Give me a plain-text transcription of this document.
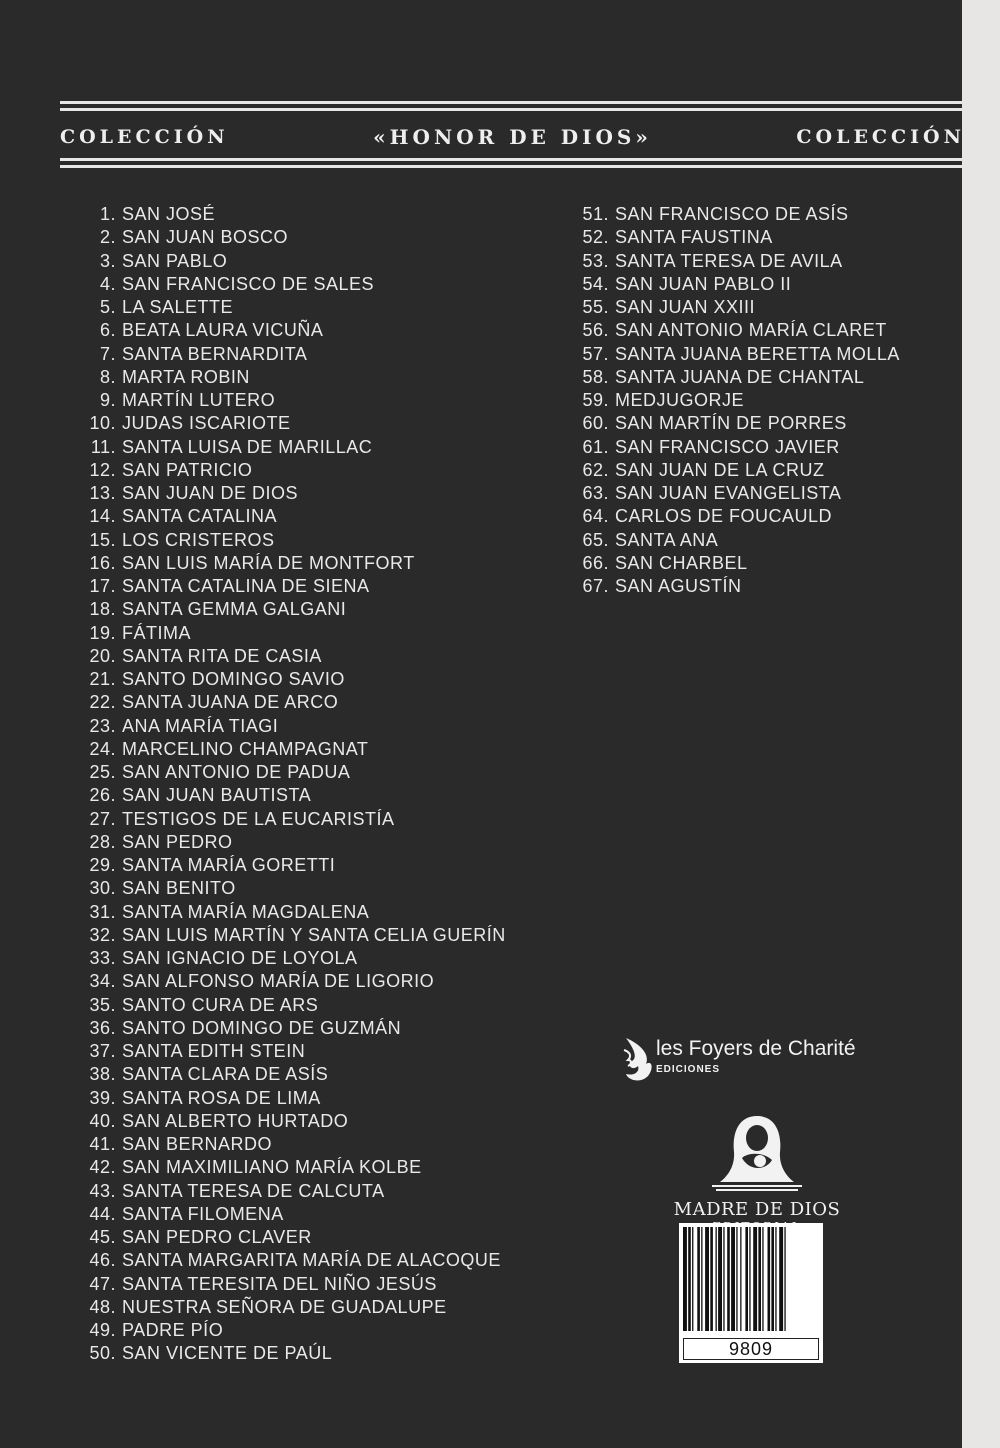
COLECCIÓN	«HONOR DE DIOS»	COLECCIÓN
1. SAN JOSÉ
2. SAN JUAN BOSCO
3. SAN PABLO
4. SAN FRANCISCO DE SALES
5. LA SALETTE
6. BEATA LAURA VICUÑA
7. SANTA BERNARDITA
8. MARTA ROBIN
9. MARTÍN LUTERO
10. JUDAS ISCARIOTE
11. SANTA LUISA DE MARILLAC
12. SAN PATRICIO
13. SAN JUAN DE DIOS
14. SANTA CATALINA
15. LOS CRISTEROS
16. SAN LUIS MARÍA DE MONTFORT
17. SANTA CATALINA DE SIENA
18. SANTA GEMMA GALGANI
19. FÁTIMA
20. SANTA RITA DE CASIA
21. SANTO DOMINGO SAVIO
22. SANTA JUANA DE ARCO
23. ANA MARÍA TIAGI
24. MARCELINO CHAMPAGNAT
25. SAN ANTONIO DE PADUA
26. SAN JUAN BAUTISTA
27. TESTIGOS DE LA EUCARISTÍA
28. SAN PEDRO
29. SANTA MARÍA GORETTI
30. SAN BENITO
31. SANTA MARÍA MAGDALENA
32. SAN LUIS MARTÍN Y SANTA CELIA GUERÍN
33. SAN IGNACIO DE LOYOLA
34. SAN ALFONSO MARÍA DE LIGORIO
35. SANTO CURA DE ARS
36. SANTO DOMINGO DE GUZMÁN
37. SANTA EDITH STEIN
38. SANTA CLARA DE ASÍS
39. SANTA ROSA DE LIMA
40. SAN ALBERTO HURTADO
41. SAN BERNARDO
42. SAN MAXIMILIANO MARÍA KOLBE
43. SANTA TERESA DE CALCUTA
44. SANTA FILOMENA
45. SAN PEDRO CLAVER
46. SANTA MARGARITA MARÍA DE ALACOQUE
47. SANTA TERESITA DEL NIÑO JESÚS
48. NUESTRA SEÑORA DE GUADALUPE
49. PADRE PÍO
50. SAN VICENTE DE PAÚL
51. SAN FRANCISCO DE ASÍS
52. SANTA FAUSTINA
53. SANTA TERESA DE AVILA
54. SAN JUAN PABLO II
55. SAN JUAN XXIII
56. SAN ANTONIO MARÍA CLARET
57. SANTA JUANA BERETTA MOLLA
58. SANTA JUANA DE CHANTAL
59. MEDJUGORJE
60. SAN MARTÍN DE PORRES
61. SAN FRANCISCO JAVIER
62. SAN JUAN DE LA CRUZ
63. SAN JUAN EVANGELISTA
64. CARLOS DE FOUCAULD
65. SANTA ANA
66. SAN CHARBEL
67. SAN AGUSTÍN
les Foyers de Charité
EDICIONES
MADRE DE DIOS
9809
